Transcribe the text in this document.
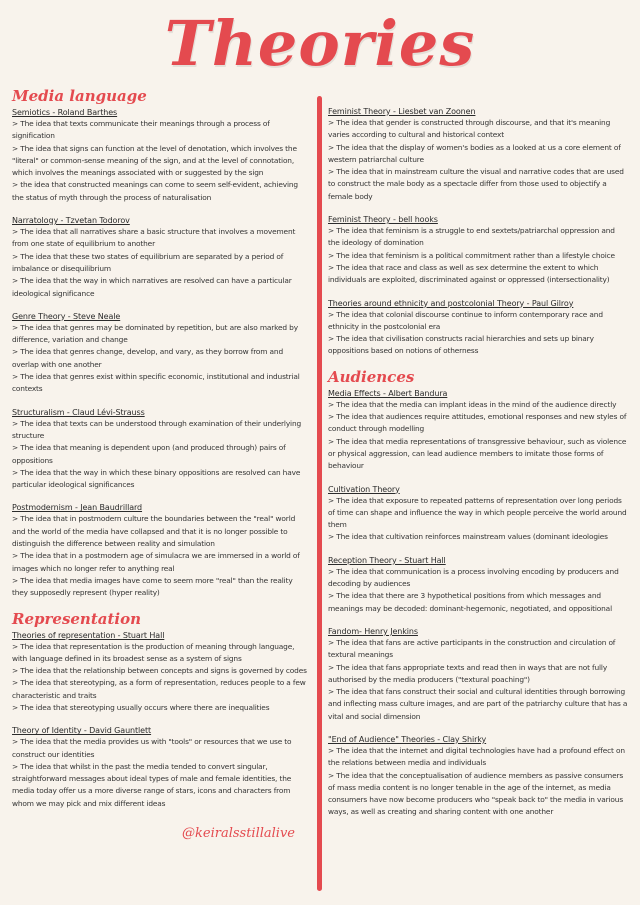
Theories
Media language
Semiotics - Roland Barthes
> The idea that texts communicate their meanings through a process of signification
> The idea that signs can function at the level of denotation, which involves the "literal" or common-sense meaning of the sign, and at the level of connotation, which involves the meanings associated with or suggested by the sign
> the idea that constructed meanings can come to seem self-evident, achieving the status of myth through the process of naturalisation
Narratology - Tzvetan Todorov
> The idea that all narratives share a basic structure that involves a movement from one state of equilibrium to another
> The idea that these two states of equilibrium are separated by a period of imbalance or disequilibrium
> The idea that the way in which narratives are resolved can have a particular ideological significance
Genre Theory - Steve Neale
> The idea that genres may be dominated by repetition, but are also marked by difference, variation and change
> The idea that genres change, develop, and vary, as they borrow from and overlap with one another
> The idea that genres exist within specific economic, institutional and industrial contexts
Structuralism - Claud Lévi-Strauss
> The idea that texts can be understood through examination of their underlying structure
> The idea that meaning is dependent upon (and produced through) pairs of oppositions
> The idea that the way in which these binary oppositions are resolved can have particular ideological significances
Postmodernism - Jean Baudrillard
> The idea that in postmodern culture the boundaries between the "real" world and the world of the media have collapsed and that it is no longer possible to distinguish the difference between reality and simulation
> The idea that in a postmodern age of simulacra we are immersed in a world of images which no longer refer to anything real
> The idea that media images have come to seem more "real" than the reality they supposedly represent (hyper reality)
Representation
Theories of representation - Stuart Hall
> The idea that representation is the production of meaning through language, with language defined in its broadest sense as a system of signs
> The idea that the relationship between concepts and signs is governed by codes
> The idea that stereotyping, as a form of representation, reduces people to a few characteristic and traits
> The idea that stereotyping usually occurs where there are inequalities
Theory of Identity - David Gauntlett
> The idea that the media provides us with "tools" or resources that we use to construct our identities
> The idea that whilst in the past the media tended to convert singular, straightforward messages about ideal types of male and female identities, the media today offer us a more diverse range of stars, icons and characters from whom we may pick and mix different ideas
Feminist Theory - Liesbet van Zoonen
> The idea that gender is constructed through discourse, and that it's meaning varies according to cultural and historical context
> The idea that the display of women's bodies as a looked at us a core element of western patriarchal culture
> The idea that in mainstream culture the visual and narrative codes that are used to construct the male body as a spectacle differ from those used to objectify a female body
Feminist Theory - bell hooks
> The idea that feminism is a struggle to end sextets/patriarchal oppression and the ideology of domination
> The idea that feminism is a political commitment rather than a lifestyle choice
> The idea that race and class as well as sex determine the extent to which individuals are exploited, discriminated against or oppressed (intersectionality)
Theories around ethnicity and postcolonial Theory - Paul Gilroy
> The idea that colonial discourse continue to inform contemporary race and ethnicity in the postcolonial era
> The idea that civilisation constructs racial hierarchies and sets up binary oppositions based on notions of otherness
Audiences
Media Effects - Albert Bandura
> The idea that the media can implant ideas in the mind of the audience directly
> The idea that audiences require attitudes, emotional responses and new styles of conduct through modelling
> The idea that media representations of transgressive behaviour, such as violence or physical aggression, can lead audience members to imitate those forms of behaviour
Cultivation Theory
> The idea that exposure to repeated patterns of representation over long periods of time can shape and influence the way in which people perceive the world around them
> The idea that cultivation reinforces mainstream values (dominant ideologies
Reception Theory - Stuart Hall
> The idea that communication is a process involving encoding by producers and decoding by audiences
> The idea that there are 3 hypothetical positions from which messages and meanings may be decoded: dominant-hegemonic, negotiated, and oppositional
Fandom- Henry Jenkins
> The idea that fans are active participants in the construction and circulation of textural meanings
> The idea that fans appropriate texts and read then in ways that are not fully authorised by the media producers ("textural poaching")
> The idea that fans construct their social and cultural identities through borrowing and inflecting mass culture images, and are part of the patriarchy culture that has a vital and social dimension
"End of Audience" Theories - Clay Shirky
> The idea that the internet and digital technologies have had a profound effect on the relations between media and individuals
> The idea that the conceptualisation of audience members as passive consumers of mass media content is no longer tenable in the age of the internet, as media consumers have now become producers who "speak back to" the media in various ways, as well as creating and sharing content with one another
@keiralsstillalive
